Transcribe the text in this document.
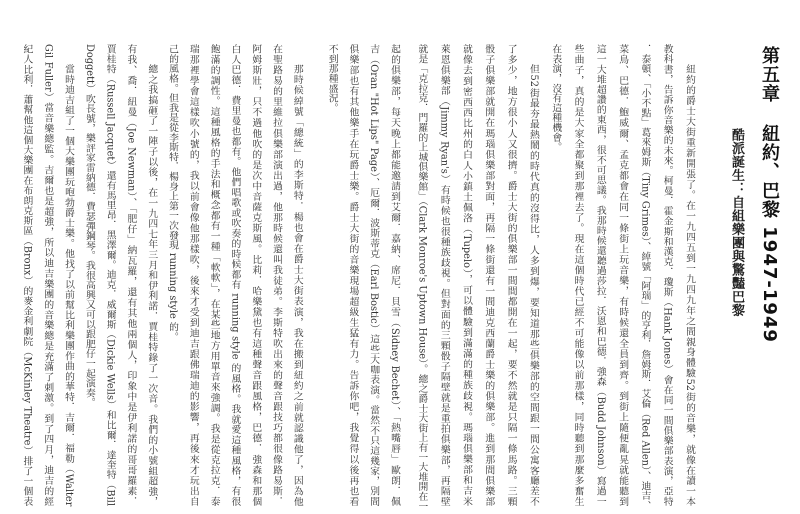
第五章
紐約、巴黎 1947-1949
酷派誕生：自組樂團與驚豔巴黎
紐約的爵士大街重新開張了。在一九四五到一九四九年之間親身體驗52街的音樂，就像在讀一本
教科書，告訴你音樂的未來。柯曼．霍金斯和漢克．瓊斯（Hank Jones）會在同一間俱樂部表演，亞特
．泰頓、「小不點」葛來姆斯（Tiny Grimes）、綽號「阿瑞」的亨利．詹姆斯．艾倫（Red Allen）、迪吉、
菜鳥、巴德．鮑威爾、孟克都會在同一條街上玩音樂，有時候還全員到齊。到街上隨便亂晃就能聽到
這一大堆超讚的東西，很不可思議。我那時候還聽過莎拉．沃恩和巴德．強森（Budd Johnson）寫過一
些曲子，真的是大家全都聚到那裡去了。現在這個時代已經不可能像以前那樣，同時聽到那麼多奮生
在表演，沒有這種機會。
但52街最夯最熱鬧的時代真的沒得比，人多到爆，要知道那些俱樂部的空間跟一間公寓客廳差不
了多少，地方很小人又很擠。爵士大街的俱樂部一間間都開在一起，要不然就是只隔一條馬路。三顆
骰子俱樂部就開在瑪瑙俱樂部對面，再隔一條街還有一間迪克西蘭爵士樂的俱樂部。進到那間俱樂部
就像去到密西西比州的白人小鎮土佩洛（Tupelo），可以體驗到滿滿的種族歧視。瑪瑙俱樂部和吉米
萊恩俱樂部（Jimmy Ryan's）有時候也很種族歧視。但對面的三顆骰子隔壁就是重拍俱樂部，再隔壁
就是「克拉克．門羅的上城俱樂館」（Clark Monroe's Uptown House）。總之爵士大街上有一大堆開在一
起的俱樂部，每天晚上都能邀請到艾爾．嘉納、席尼．貝雪（Sidney Bechet）、「熱嘴唇」歐朗．佩
吉（Oran "Hot Lips" Page）、厄爾．波斯蒂克（Earl Bostic）這些大咖表演。當然不只這幾家，別間
俱樂部也有其他樂手在玩爵士樂。爵士大街的音樂現場超級生猛有力。告訴你吧，我覺得以後再也看
不到那種盛況。
那時候綽號「總統」的李斯特．楊也會在爵士大街表演，我在搬到紐約之前就認識他了，因為他
在聖路易的里維拉俱樂部演出過，他那時候還叫我徒弟。李斯特吹出來的聲音跟技巧都很像路易斯．
阿姆斯壯，只不過他吹的是次中音薩克斯風。比莉．哈樂黛也有這種聲音跟風格，巴德．強森和那個
白人巴德．費里曼也都有。他們唱歌或吹奏的時候都有 running style 的風格。我就愛這種風格，有很
飽滿的調性。這種風格的手法和概念都有一種「軟軟」，在某些地方用單音來強調。我是從克拉克．泰
瑞那裡學會這樣吹小號的，我以前會像他那樣吹，後來才受到迪吉跟佛瑞迪的影響，再後來才玩出自
己的風格。但我是從李斯特．楊身上第一次發現 running style 的。
總之我搞砸了一陣子以後，在一九四七年三月和伊利諾．賈桂特錄了一次音。我們的小號組超強，
有我、喬．紐曼（Joe Newman）、「肥仔」納瓦羅，還有其他兩個人，印象中是伊利諾的哥哥羅素．
賈桂特（Russell Jacquet）還有馬里昂．黑澤爾。迪克．威爾斯（Dickie Wells）和比爾．達奎特（Bill
Doggett）吹長號，樂評家雷納德．費瑟彈鋼琴。我很高興又可以跟肥仔一起演奏。
當時迪吉組了一個大樂團玩咆勃爵士樂。他找了以前幫比利樂團作曲的華特．吉爾．福勒（Walter
Gil Fuller）當音樂總監。吉爾也是超強，所以迪吉樂團的音樂總是充滿了刺激。到了四月，迪吉的經
紀人比利．蕭幫他這個大樂團在布朗克斯區（Bronx）的麥金利劇院（McKinley Theatre）排了一個表
